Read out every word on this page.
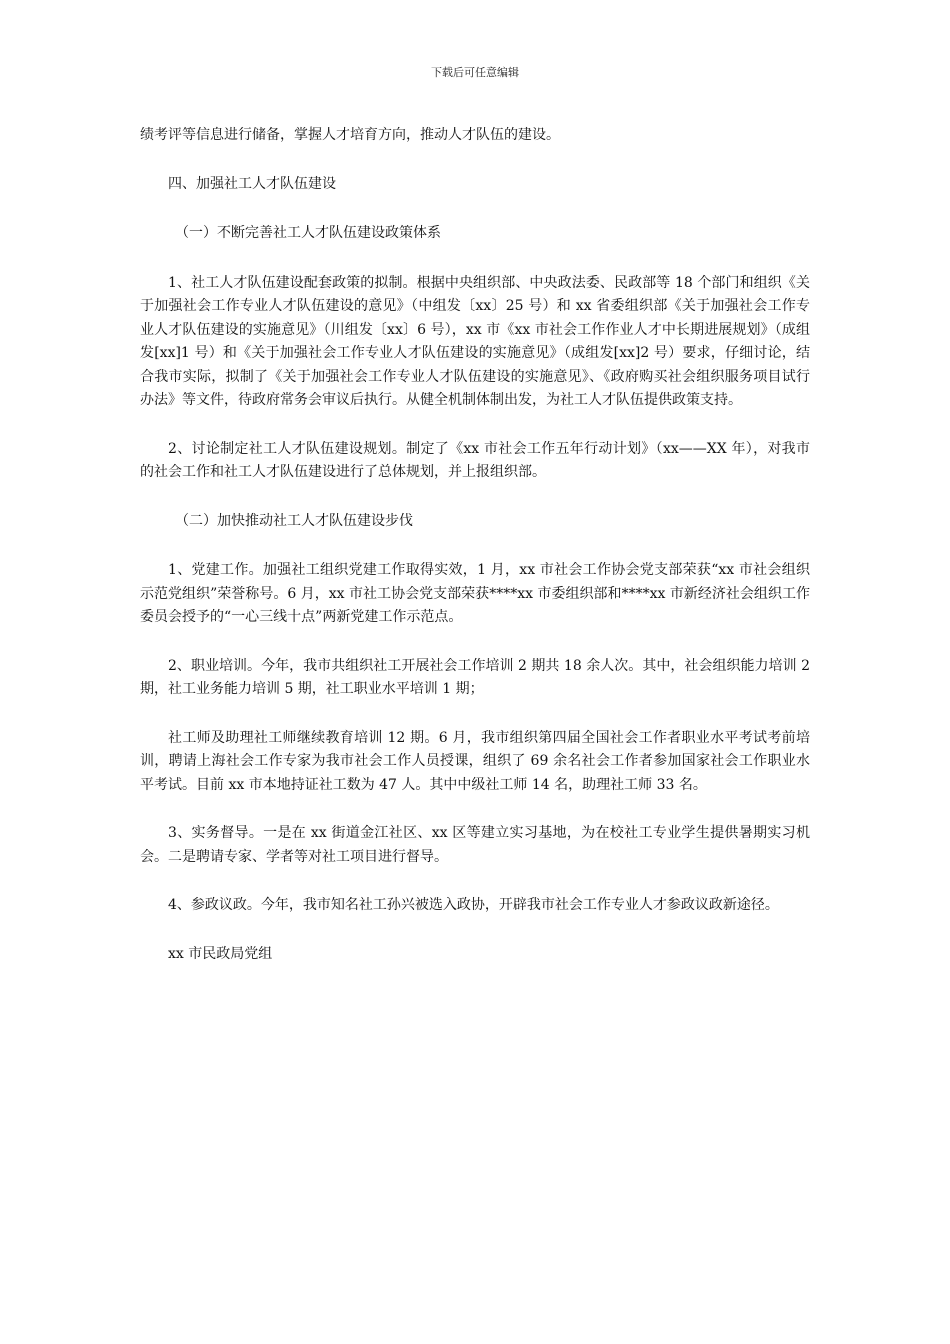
下载后可任意编辑

绩考评等信息进行储备，掌握人才培育方向，推动人才队伍的建设。

四、加强社工人才队伍建设

（一）不断完善社工人才队伍建设政策体系

1、社工人才队伍建设配套政策的拟制。根据中央组织部、中央政法委、民政部等 18 个部门和组织《关于加强社会工作专业人才队伍建设的意见》（中组发〔xx〕25 号）和 xx 省委组织部《关于加强社会工作专业人才队伍建设的实施意见》（川组发〔xx〕6 号），xx 市《xx 市社会工作作业人才中长期进展规划》（成组发[xx]1 号）和《关于加强社会工作专业人才队伍建设的实施意见》（成组发[xx]2 号）要求，仔细讨论，结合我市实际，拟制了《关于加强社会工作专业人才队伍建设的实施意见》、《政府购买社会组织服务项目试行办法》等文件，待政府常务会审议后执行。从健全机制体制出发，为社工人才队伍提供政策支持。

2、讨论制定社工人才队伍建设规划。制定了《xx 市社会工作五年行动计划》（xx——XX 年），对我市的社会工作和社工人才队伍建设进行了总体规划，并上报组织部。

（二）加快推动社工人才队伍建设步伐

1、党建工作。加强社工组织党建工作取得实效，1 月，xx 市社会工作协会党支部荣获“xx 市社会组织示范党组织”荣誉称号。6 月，xx 市社工协会党支部荣获****xx 市委组织部和****xx 市新经济社会组织工作委员会授予的“一心三线十点”两新党建工作示范点。

2、职业培训。今年，我市共组织社工开展社会工作培训 2 期共 18 余人次。其中，社会组织能力培训 2 期，社工业务能力培训 5 期，社工职业水平培训 1 期；

社工师及助理社工师继续教育培训 12 期。6 月，我市组织第四届全国社会工作者职业水平考试考前培训，聘请上海社会工作专家为我市社会工作人员授课，组织了 69 余名社会工作者参加国家社会工作职业水平考试。目前 xx 市本地持证社工数为 47 人。其中中级社工师 14 名，助理社工师 33 名。

3、实务督导。一是在 xx 街道金江社区、xx 区等建立实习基地，为在校社工专业学生提供暑期实习机会。二是聘请专家、学者等对社工项目进行督导。

4、参政议政。今年，我市知名社工孙兴被选入政协，开辟我市社会工作专业人才参政议政新途径。

xx 市民政局党组
